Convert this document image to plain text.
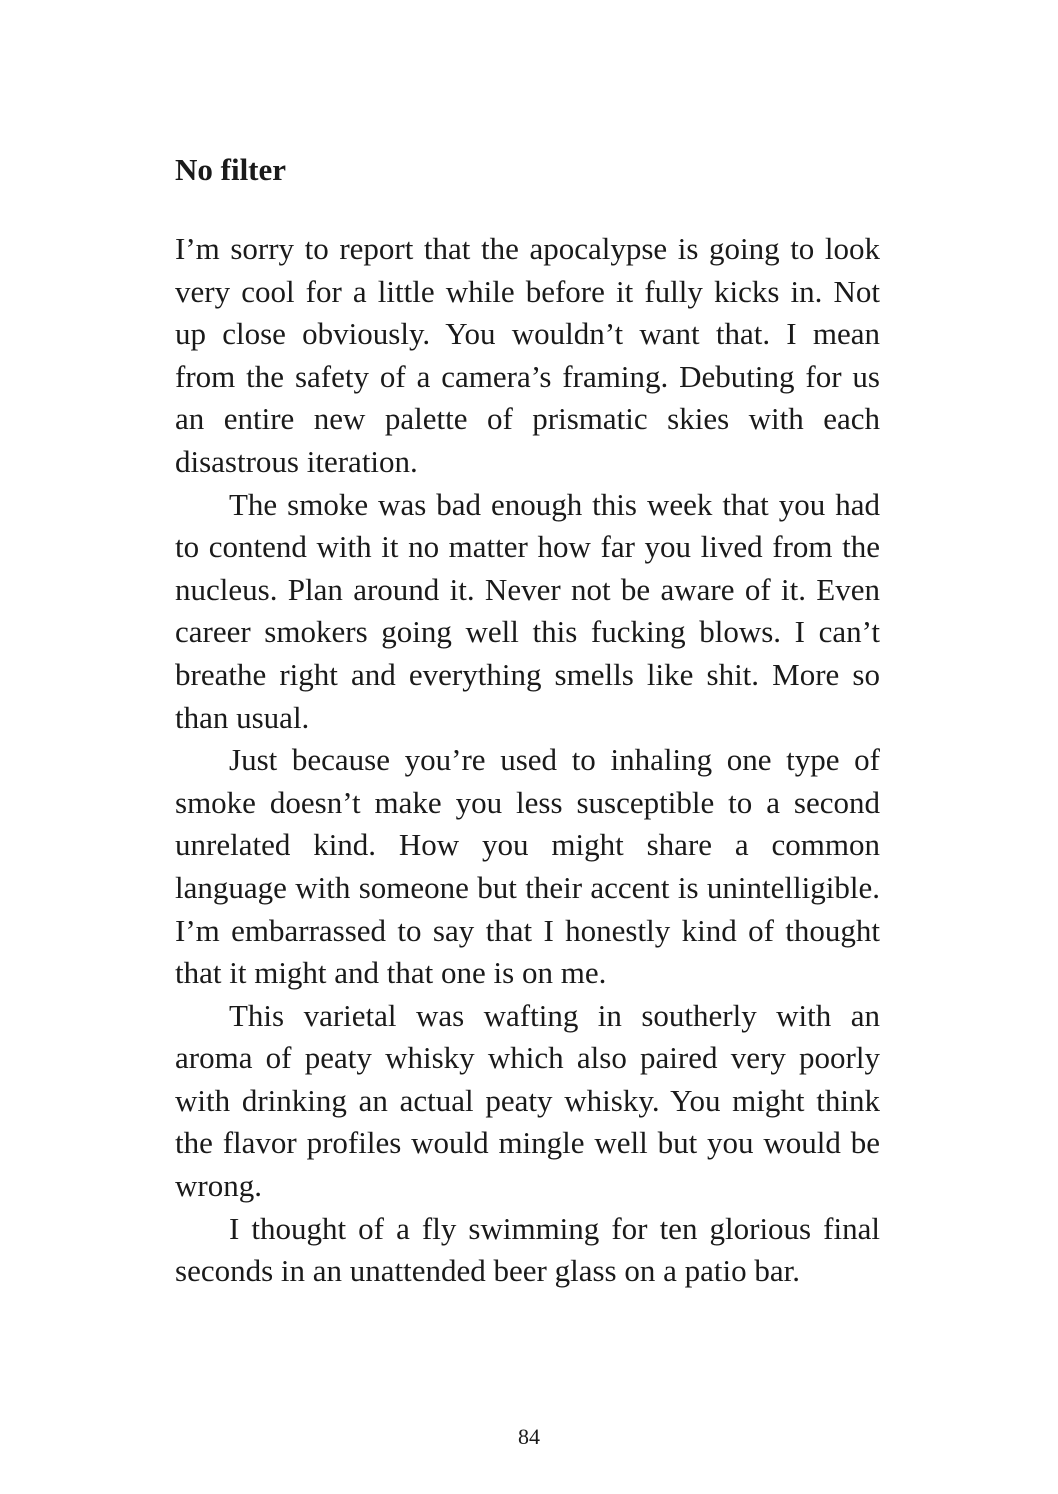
No filter

I’m sorry to report that the apocalypse is going to look very cool for a little while before it fully kicks in. Not up close obviously. You wouldn’t want that. I mean from the safety of a camera’s framing. Debuting for us an entire new palette of prismatic skies with each disastrous iteration.

The smoke was bad enough this week that you had to contend with it no matter how far you lived from the nucleus. Plan around it. Never not be aware of it. Even career smokers going well this fucking blows. I can’t breathe right and everything smells like shit. More so than usual.

Just because you’re used to inhaling one type of smoke doesn’t make you less susceptible to a second unrelated kind. How you might share a common language with someone but their accent is unintelligible. I’m embarrassed to say that I honestly kind of thought that it might and that one is on me.

This varietal was wafting in southerly with an aroma of peaty whisky which also paired very poorly with drinking an actual peaty whisky. You might think the flavor profiles would mingle well but you would be wrong.

I thought of a fly swimming for ten glorious final seconds in an unattended beer glass on a patio bar.

84
